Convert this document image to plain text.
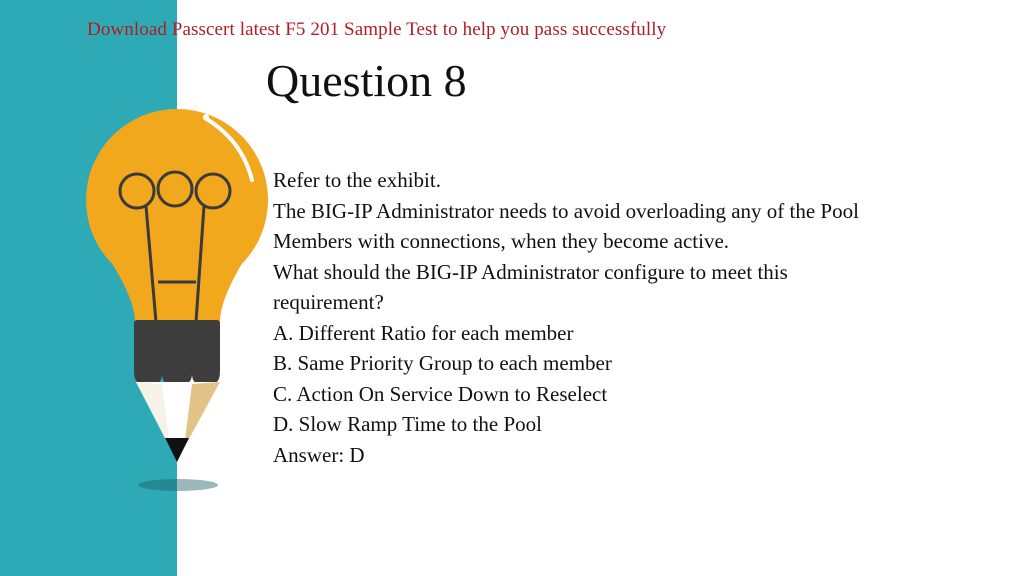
Download Passcert latest F5 201 Sample Test to help you pass successfully
Question 8
Refer to the exhibit.
The BIG-IP Administrator needs to avoid overloading any of the Pool
Members with connections, when they become active.
What should the BIG-IP Administrator configure to meet this
requirement?
A. Different Ratio for each member
B. Same Priority Group to each member
C. Action On Service Down to Reselect
D. Slow Ramp Time to the Pool
Answer: D
